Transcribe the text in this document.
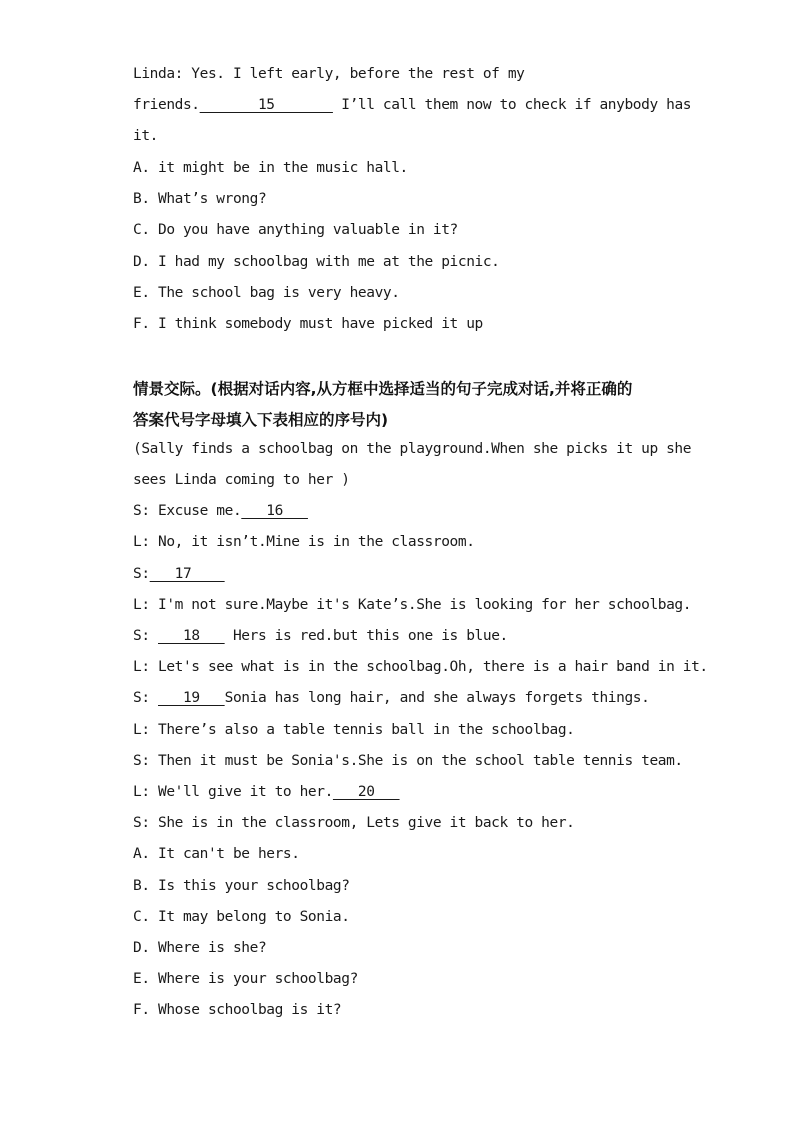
Linda: Yes. I left early, before the rest of my
friends.       15        I’ll call them now to check if anybody has
it.
A. it might be in the music hall.
B. What’s wrong?
C. Do you have anything valuable in it?
D. I had my schoolbag with me at the picnic.
E. The school bag is very heavy.
F. I think somebody must have picked it up
情景交际。(根据对话内容,从方框中选择适当的句子完成对话,并将正确的
答案代号字母填入下表相应的序号内)
(Sally finds a schoolbag on the playground.When she picks it up she
sees Linda coming to her )
S: Excuse me.   16
L: No, it isn’t.Mine is in the classroom.
S:   17
L: I'm not sure.Maybe it's Kate’s.She is looking for her schoolbag.
S:    18    Hers is red.but this one is blue.
L: Let's see what is in the schoolbag.Oh, there is a hair band in it.
S:    19   Sonia has long hair, and she always forgets things.
L: There’s also a table tennis ball in the schoolbag.
S: Then it must be Sonia's.She is on the school table tennis team.
L: We'll give it to her.   20
S: She is in the classroom, Lets give it back to her.
A. It can't be hers.
B. Is this your schoolbag?
C. It may belong to Sonia.
D. Where is she?
E. Where is your schoolbag?
F. Whose schoolbag is it?
